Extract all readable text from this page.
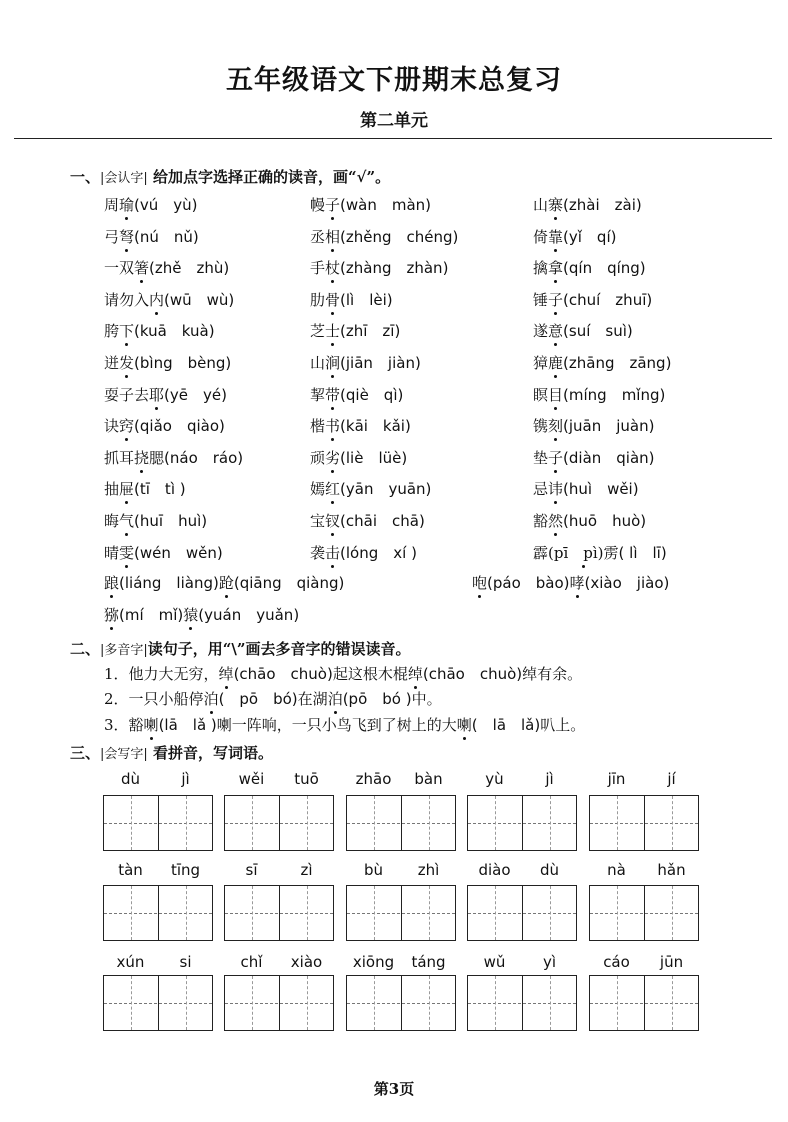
五年级语文下册期末总复习
第二单元
一、|会认字| 给加点字选择正确的读音，画“√”。
周瑜(vú　yù)	幔子(wàn　màn)	山寨(zhài　zài)
弓弩(nú　nǔ)	丞相(zhěng　chéng)	倚靠(yǐ　qí)
一双箸(zhě　zhù)	手杖(zhàng　zhàn)	擒拿(qín　qíng)
请勿入内(wū　wù)	肋骨(lì　lèi)	锤子(chuí　zhuī)
胯下(kuā　kuà)	芝士(zhī　zī)	遂意(suí　suì)
迸发(bìng　bèng)	山涧(jiān　jiàn)	獐鹿(zhāng　zāng)
耍子去耶(yē　yé)	挈带(qiè　qì)	瞑目(míng　mǐng)
诀窍(qiǎo　qiào)	楷书(kāi　kǎi)	镌刻(juān　juàn)
抓耳挠腮(náo　ráo)	顽劣(liè　lüè)	垫子(diàn　qiàn)
抽屉(tī　tì )	嫣红(yān　yuān)	忌讳(huì　wěi)
晦气(huī　huì)	宝钗(chāi　chā)	豁然(huō　huò)
晴雯(wén　wěn)	袭击(lóng　xí )	霹(pī　pì)雳( lì　lī)
踉(liáng　liàng)跄(qiāng　qiàng)	咆(páo　bào)哮(xiào　jiào)
猕(mí　mǐ)猿(yuán　yuǎn)
二、|多音字|读句子，用“\”画去多音字的错误读音。
1．他力大无穷，绰(chāo　chuò)起这根木棍绰(chāo　chuò)绰有余。
2．一只小船停泊(　pō　bó)在湖泊(pō　bó )中。
3．豁喇(lā　lǎ )喇一阵响，一只小鸟飞到了树上的大喇(　lā　lǎ)叭上。
三、|会写字| 看拼音，写词语。
dù	jì	wěi	tuō	zhāo	bàn	yù	jì	jīn	jí
tàn	tīng	sī	zì	bù	zhì	diào	dù	nà	hǎn
xún	si	chǐ	xiào	xiōng	táng	wǔ	yì	cáo	jūn
第3页
